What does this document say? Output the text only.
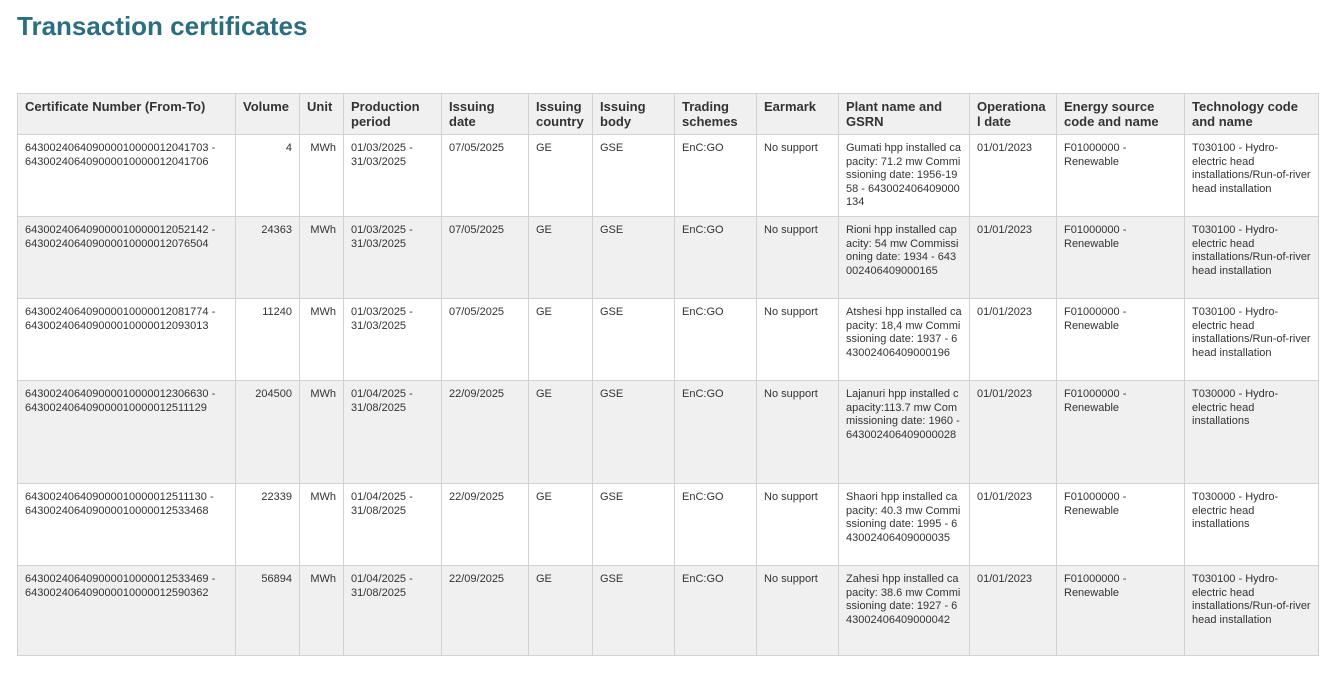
Transaction certificates
Certificate Number (From-To)	Volume	Unit	Production period	Issuing date	Issuing country	Issuing body	Trading schemes	Earmark	Plant name and GSRN	Operational date	Energy source code and name	Technology code and name
643002406409000010000012041703 - 643002406409000010000012041706	4	MWh	01/03/2025 - 31/03/2025	07/05/2025	GE	GSE	EnC:GO	No support	Gumati hpp installed capacity: 71.2 mw Commissioning date: 1956-1958 - 643002406409000134	01/01/2023	F01000000 - Renewable	T030100 - Hydro-electric head installations/Run-of-river head installation
643002406409000010000012052142 - 643002406409000010000012076504	24363	MWh	01/03/2025 - 31/03/2025	07/05/2025	GE	GSE	EnC:GO	No support	Rioni hpp installed capacity: 54 mw Commissioning date: 1934 - 643002406409000165	01/01/2023	F01000000 - Renewable	T030100 - Hydro-electric head installations/Run-of-river head installation
643002406409000010000012081774 - 643002406409000010000012093013	11240	MWh	01/03/2025 - 31/03/2025	07/05/2025	GE	GSE	EnC:GO	No support	Atshesi hpp installed capacity: 18,4 mw Commissioning date: 1937 - 643002406409000196	01/01/2023	F01000000 - Renewable	T030100 - Hydro-electric head installations/Run-of-river head installation
643002406409000010000012306630 - 643002406409000010000012511129	204500	MWh	01/04/2025 - 31/08/2025	22/09/2025	GE	GSE	EnC:GO	No support	Lajanuri hpp installed capacity:113.7 mw Commissioning date: 1960 - 643002406409000028	01/01/2023	F01000000 - Renewable	T030000 - Hydro-electric head installations
643002406409000010000012511130 - 643002406409000010000012533468	22339	MWh	01/04/2025 - 31/08/2025	22/09/2025	GE	GSE	EnC:GO	No support	Shaori hpp installed capacity: 40.3 mw Commissioning date: 1995 - 643002406409000035	01/01/2023	F01000000 - Renewable	T030000 - Hydro-electric head installations
643002406409000010000012533469 - 643002406409000010000012590362	56894	MWh	01/04/2025 - 31/08/2025	22/09/2025	GE	GSE	EnC:GO	No support	Zahesi hpp installed capacity: 38.6 mw Commissioning date: 1927 - 643002406409000042	01/01/2023	F01000000 - Renewable	T030100 - Hydro-electric head installations/Run-of-river head installation
